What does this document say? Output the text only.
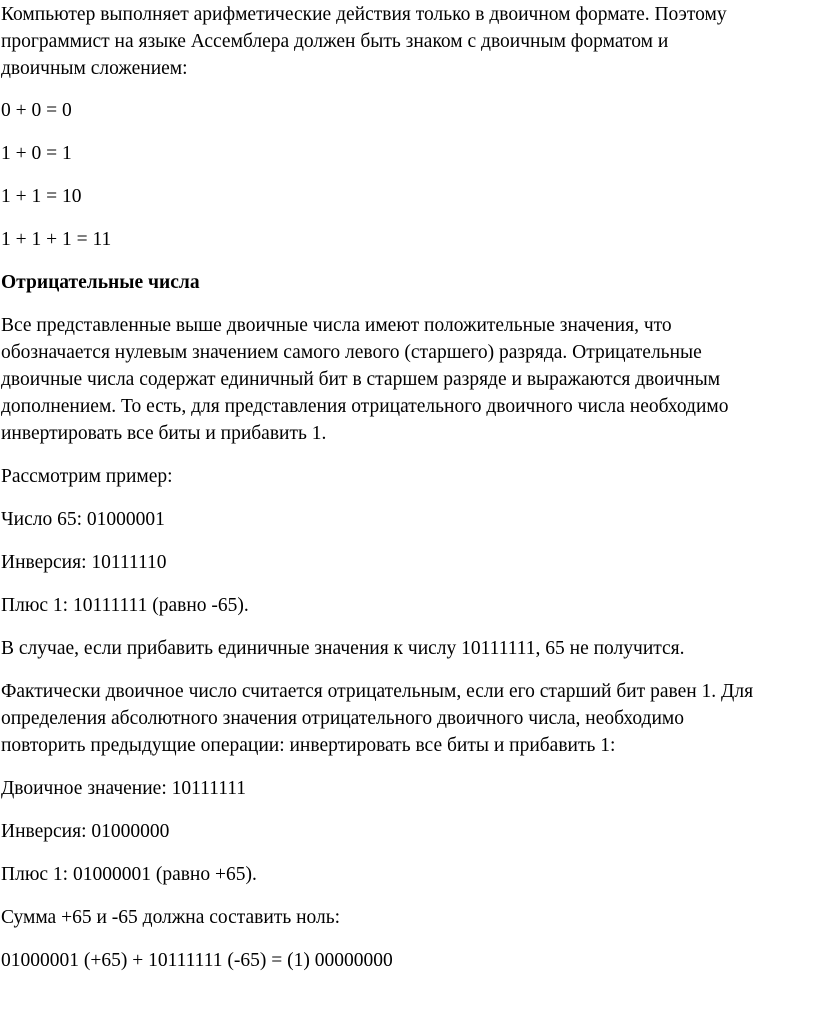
Компьютер выполняет арифметические действия только в двоичном формате. Поэтому
программист на языке Ассемблера должен быть знаком с двоичным форматом и
двоичным сложением:

0 + 0 = 0

1 + 0 = 1

1 + 1 = 10

1 + 1 + 1 = 11

Отрицательные числа

Все представленные выше двоичные числа имеют положительные значения, что
обозначается нулевым значением самого левого (старшего) разряда. Отрицательные
двоичные числа содержат единичный бит в старшем разряде и выражаются двоичным
дополнением. То есть, для представления отрицательного двоичного числа необходимо
инвертировать все биты и прибавить 1.

Рассмотрим пример:

Число 65: 01000001

Инверсия: 10111110

Плюс 1: 10111111 (равно -65).

В случае, если прибавить единичные значения к числу 10111111, 65 не получится.

Фактически двоичное число считается отрицательным, если его старший бит равен 1. Для
определения абсолютного значения отрицательного двоичного числа, необходимо
повторить предыдущие операции: инвертировать все биты и прибавить 1:

Двоичное значение: 10111111

Инверсия: 01000000

Плюс 1: 01000001 (равно +65).

Сумма +65 и -65 должна составить ноль:

01000001 (+65) + 10111111 (-65) = (1) 00000000
